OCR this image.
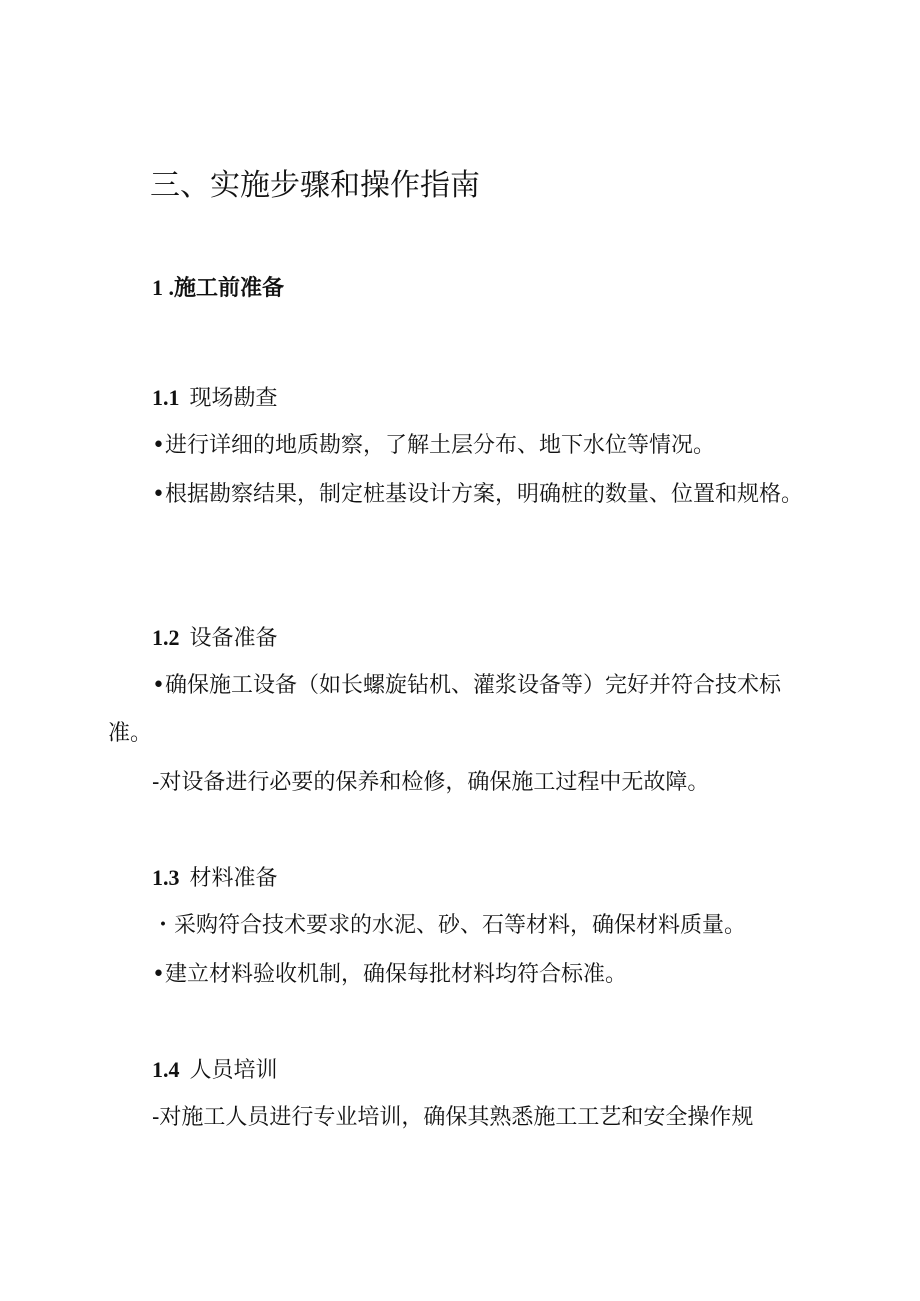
三、实施步骤和操作指南
1 .施工前准备
1.1 现场勘查

•进行详细的地质勘察，了解土层分布、地下水位等情况。

•根据勘察结果，制定桩基设计方案，明确桩的数量、位置和规格。

1.2 设备准备

•确保施工设备（如长螺旋钻机、灌浆设备等）完好并符合技术标准。

-对设备进行必要的保养和检修，确保施工过程中无故障。

1.3 材料准备

・采购符合技术要求的水泥、砂、石等材料，确保材料质量。

•建立材料验收机制，确保每批材料均符合标准。

1.4 人员培训

-对施工人员进行专业培训，确保其熟悉施工工艺和安全操作规
